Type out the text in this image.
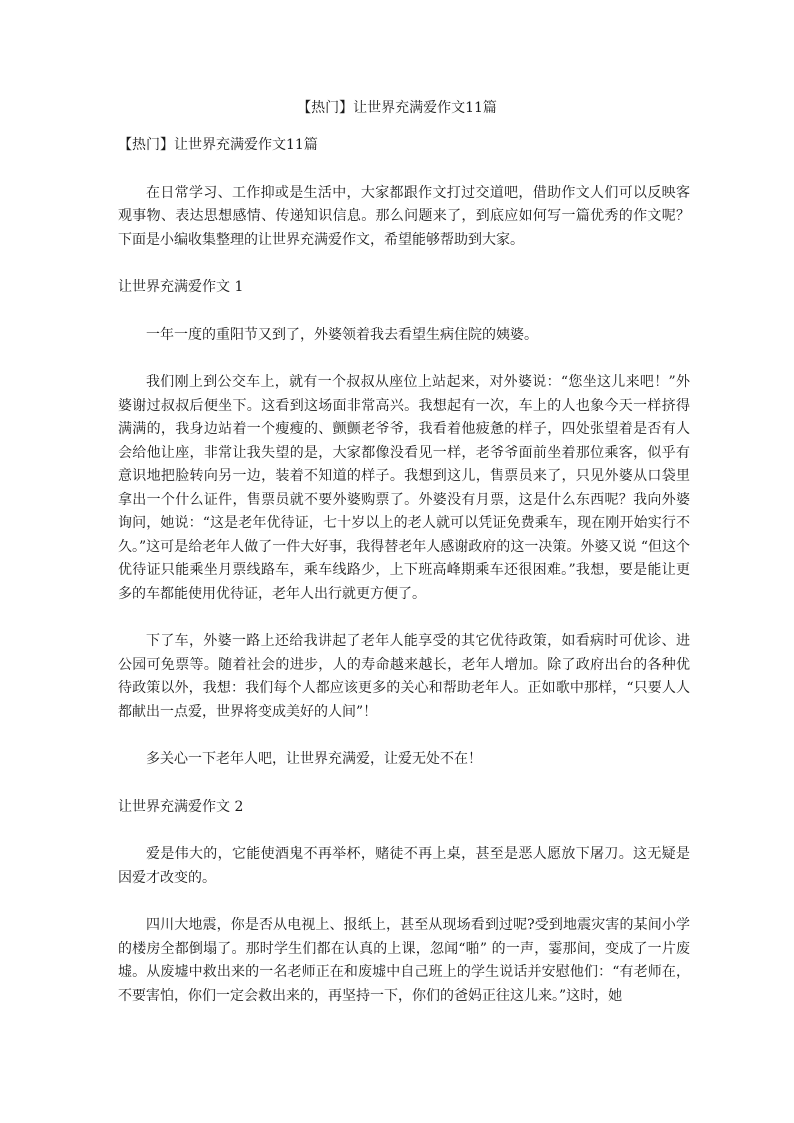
【热门】让世界充满爱作文11篇

【热门】让世界充满爱作文11篇

在日常学习、工作抑或是生活中，大家都跟作文打过交道吧，借助作文人们可以反映客观事物、表达思想感情、传递知识信息。那么问题来了，到底应如何写一篇优秀的作文呢？下面是小编收集整理的让世界充满爱作文，希望能够帮助到大家。

让世界充满爱作文 1

一年一度的重阳节又到了，外婆领着我去看望生病住院的姨婆。

我们刚上到公交车上，就有一个叔叔从座位上站起来，对外婆说：“您坐这儿来吧！”外婆谢过叔叔后便坐下。这看到这场面非常高兴。我想起有一次，车上的人也象今天一样挤得满满的，我身边站着一个瘦瘦的、颤颤老爷爷，我看着他疲惫的样子，四处张望着是否有人会给他让座，非常让我失望的是，大家都像没看见一样，老爷爷面前坐着那位乘客，似乎有意识地把脸转向另一边，装着不知道的样子。我想到这儿，售票员来了，只见外婆从口袋里拿出一个什么证件，售票员就不要外婆购票了。外婆没有月票，这是什么东西呢？我向外婆询问，她说：“这是老年优待证，七十岁以上的老人就可以凭证免费乘车，现在刚开始实行不久。”这可是给老年人做了一件大好事，我得替老年人感谢政府的这一决策。外婆又说 “但这个优待证只能乘坐月票线路车，乘车线路少，上下班高峰期乘车还很困难。”我想，要是能让更多的车都能使用优待证，老年人出行就更方便了。

下了车，外婆一路上还给我讲起了老年人能享受的其它优待政策，如看病时可优诊、进公园可免票等。随着社会的进步，人的寿命越来越长，老年人增加。除了政府出台的各种优待政策以外，我想：我们每个人都应该更多的关心和帮助老年人。正如歌中那样，“只要人人都献出一点爱，世界将变成美好的人间”！

多关心一下老年人吧，让世界充满爱，让爱无处不在！

让世界充满爱作文 2

爱是伟大的，它能使酒鬼不再举杯，赌徒不再上桌，甚至是恶人愿放下屠刀。这无疑是因爱才改变的。

四川大地震，你是否从电视上、报纸上，甚至从现场看到过呢?受到地震灾害的某间小学的楼房全都倒塌了。那时学生们都在认真的上课，忽闻“啪” 的一声，霎那间，变成了一片废墟。从废墟中救出来的一名老师正在和废墟中自己班上的学生说话并安慰他们：“有老师在，不要害怕，你们一定会救出来的，再坚持一下，你们的爸妈正往这儿来。”这时，她
